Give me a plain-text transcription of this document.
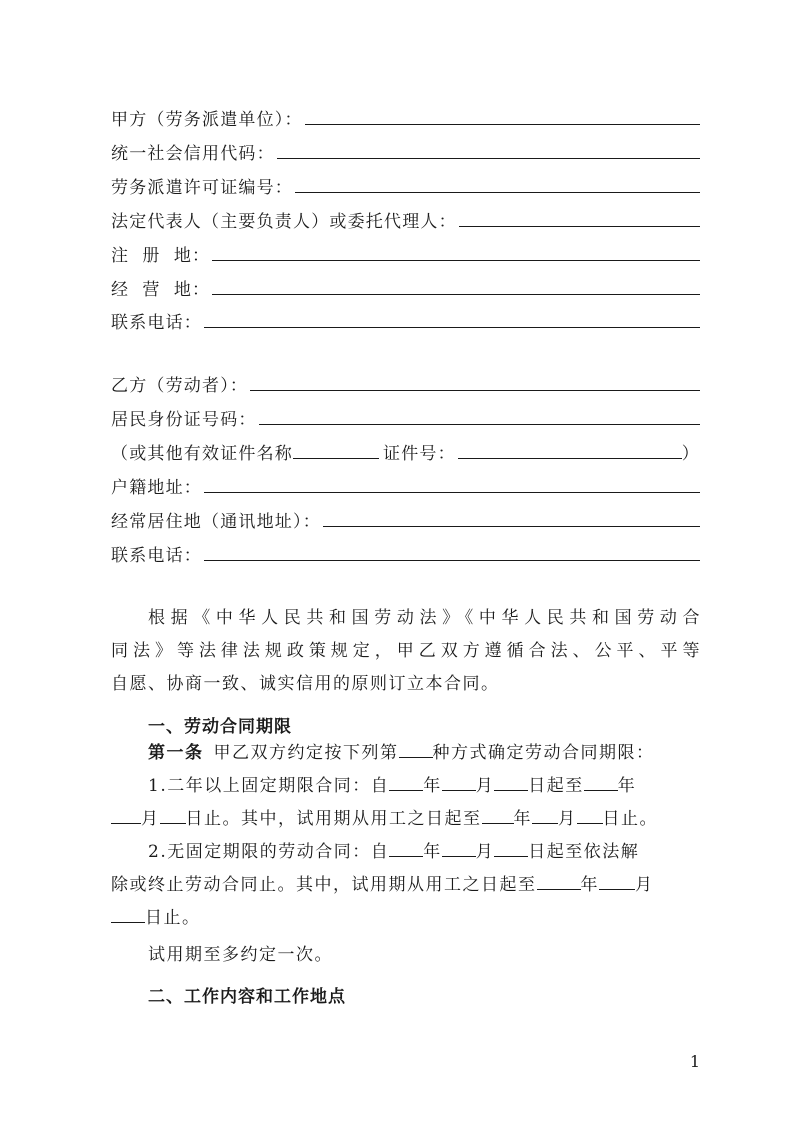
甲方（劳务派遣单位）：
统一社会信用代码：
劳务派遣许可证编号：
法定代表人（主要负责人）或委托代理人：
注  册  地：
经  营  地：
联系电话：
乙方（劳动者）：
居民身份证号码：
（或其他有效证件名称	证件号：	）
户籍地址：
经常居住地（通讯地址）：
联系电话：
根据《中华人民共和国劳动法》《中华人民共和国劳动合
同法》等法律法规政策规定，甲乙双方遵循合法、公平、平等
自愿、协商一致、诚实信用的原则订立本合同。
一、劳动合同期限
第一条 甲乙双方约定按下列第 种方式确定劳动合同期限：
1.二年以上固定期限合同：自 年 月 日起至 年
月 日止。其中，试用期从用工之日起至 年 月 日止。
2.无固定期限的劳动合同：自 年 月 日起至依法解
除或终止劳动合同止。其中，试用期从用工之日起至	年 月
日止。
试用期至多约定一次。
二、工作内容和工作地点
1
